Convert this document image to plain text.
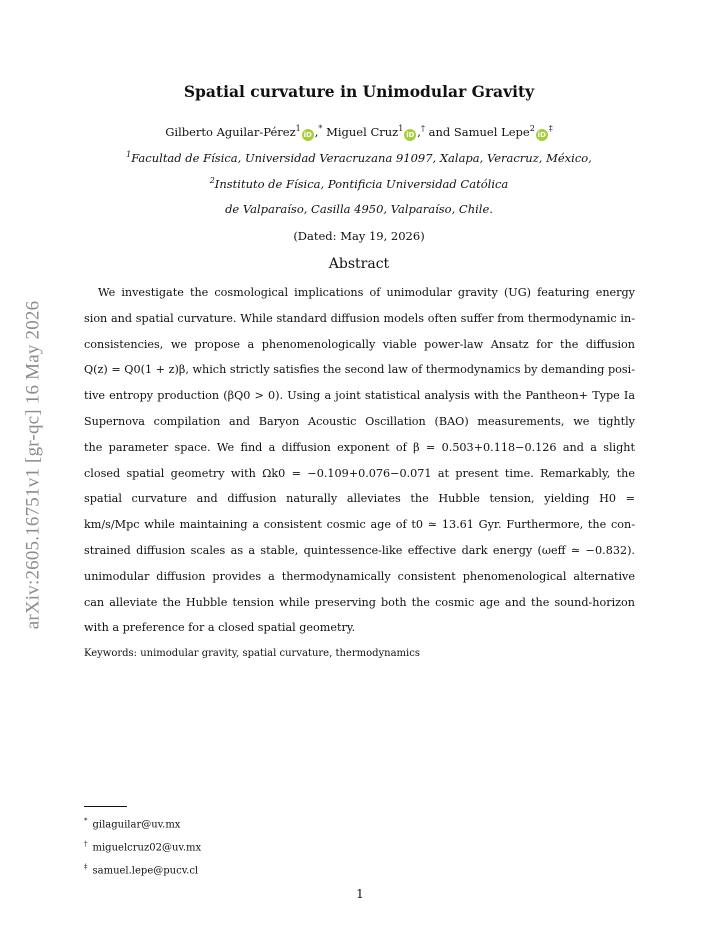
arXiv:2605.16751v1 [gr-qc] 16 May 2026
Spatial curvature in Unimodular Gravity
Gilberto Aguilar-Pérez$^1$iD ,* Miguel Cruz$^1$iD ,† and Samuel Lepe$^2$iD‡
$^1$Facultad de Física, Universidad Veracruzana 91097, Xalapa, Veracruz, México,
$^2$Instituto de Física, Pontificia Universidad Católica
de Valparaíso, Casilla 4950, Valparaíso, Chile.
(Dated: May 19, 2026)
Abstract
We investigate the cosmological implications of unimodular gravity (UG) featuring energy
sion and spatial curvature. While standard diffusion models often suffer from thermodynamic in-
consistencies, we propose a phenomenologically viable power-law Ansatz for the diffusion
Q(z) = Q0(1 + z)β, which strictly satisfies the second law of thermodynamics by demanding posi-
tive entropy production (βQ0 > 0). Using a joint statistical analysis with the Pantheon+ Type Ia
Supernova compilation and Baryon Acoustic Oscillation (BAO) measurements, we tightly
the parameter space. We find a diffusion exponent of β = 0.503+0.118−0.126 and a slight
closed spatial geometry with Ωk0 = −0.109+0.076−0.071 at present time. Remarkably, the
spatial curvature and diffusion naturally alleviates the Hubble tension, yielding H0 =
km/s/Mpc while maintaining a consistent cosmic age of t0 ≃ 13.61 Gyr. Furthermore, the con-
strained diffusion scales as a stable, quintessence-like effective dark energy (ωeff ≃ −0.832).
unimodular diffusion provides a thermodynamically consistent phenomenological alternative
can alleviate the Hubble tension while preserving both the cosmic age and the sound-horizon
with a preference for a closed spatial geometry.
Keywords: unimodular gravity, spatial curvature, thermodynamics
* gilaguilar@uv.mx
† miguelcruz02@uv.mx
‡ samuel.lepe@pucv.cl
1
